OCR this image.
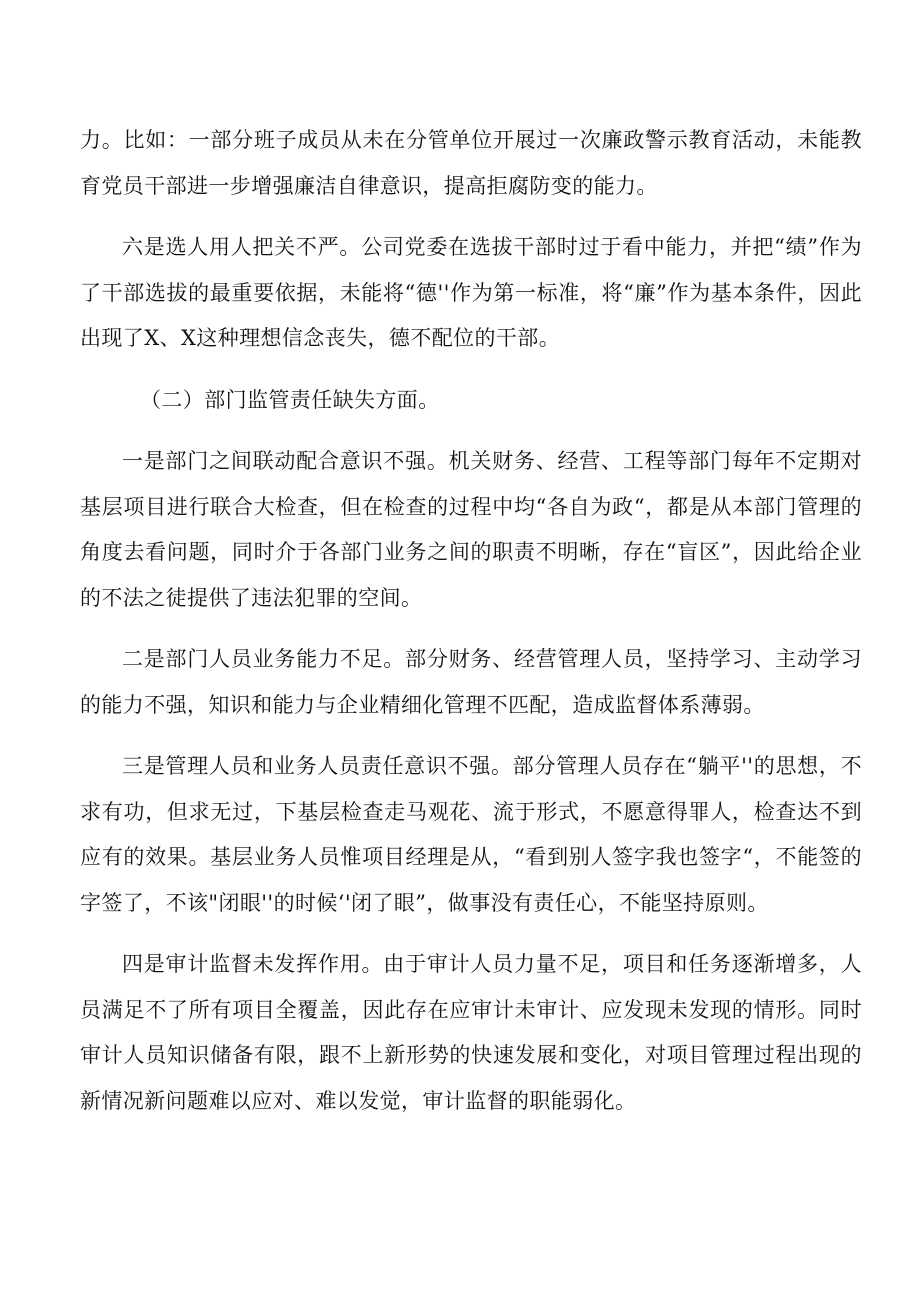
力。比如：一部分班子成员从未在分管单位开展过一次廉政警示教育活动，未能教育党员干部进一步增强廉洁自律意识，提高拒腐防变的能力。

六是选人用人把关不严。公司党委在选拔干部时过于看中能力，并把“绩”作为了干部选拔的最重要依据，未能将“德''作为第一标准，将“廉”作为基本条件，因此出现了X、X这种理想信念丧失，德不配位的干部。

（二）部门监管责任缺失方面。

一是部门之间联动配合意识不强。机关财务、经营、工程等部门每年不定期对基层项目进行联合大检查，但在检查的过程中均“各自为政“，都是从本部门管理的角度去看问题，同时介于各部门业务之间的职责不明晰，存在“盲区”，因此给企业的不法之徒提供了违法犯罪的空间。

二是部门人员业务能力不足。部分财务、经营管理人员，坚持学习、主动学习的能力不强，知识和能力与企业精细化管理不匹配，造成监督体系薄弱。

三是管理人员和业务人员责任意识不强。部分管理人员存在“躺平''的思想，不求有功，但求无过，下基层检查走马观花、流于形式，不愿意得罪人，检查达不到应有的效果。基层业务人员惟项目经理是从，“看到别人签字我也签字“，不能签的字签了，不该"闭眼''的时候‘'闭了眼”，做事没有责任心，不能坚持原则。

四是审计监督未发挥作用。由于审计人员力量不足，项目和任务逐渐增多，人员满足不了所有项目全覆盖，因此存在应审计未审计、应发现未发现的情形。同时审计人员知识储备有限，跟不上新形势的快速发展和变化，对项目管理过程出现的新情况新问题难以应对、难以发觉，审计监督的职能弱化。
